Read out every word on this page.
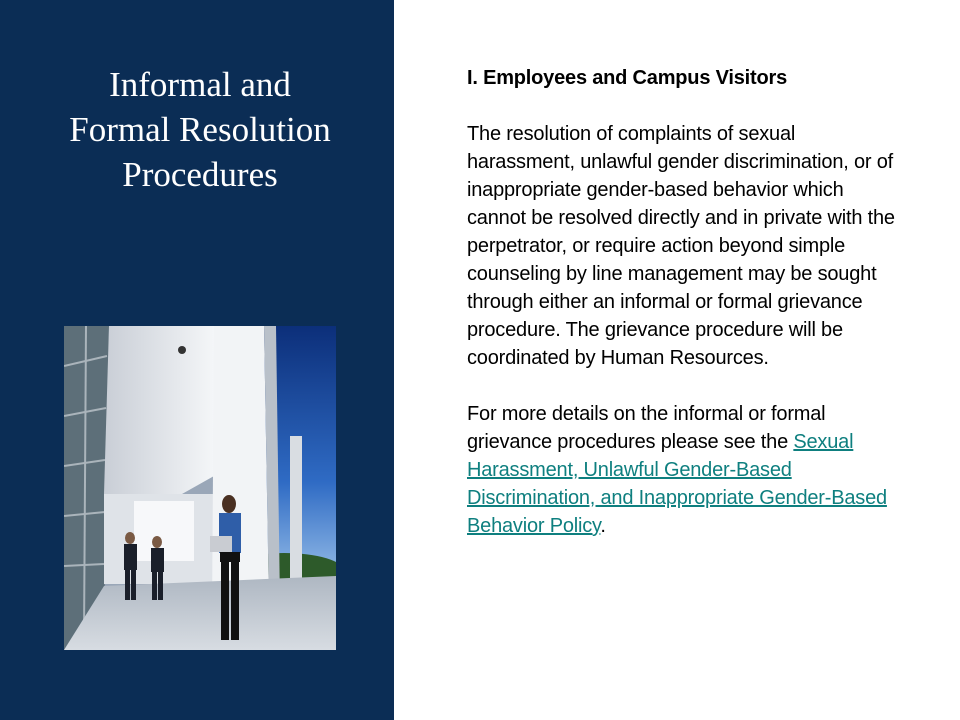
Informal and
Formal Resolution
Procedures

I. Employees and Campus Visitors

The resolution of complaints of sexual harassment, unlawful gender discrimination, or of inappropriate gender-based behavior which cannot be resolved directly and in private with the perpetrator, or require action beyond simple counseling by line management may be sought through either an informal or formal grievance procedure. The grievance procedure will be coordinated by Human Resources.

For more details on the informal or formal grievance procedures please see the Sexual Harassment, Unlawful Gender-Based Discrimination, and Inappropriate Gender-Based Behavior Policy.
